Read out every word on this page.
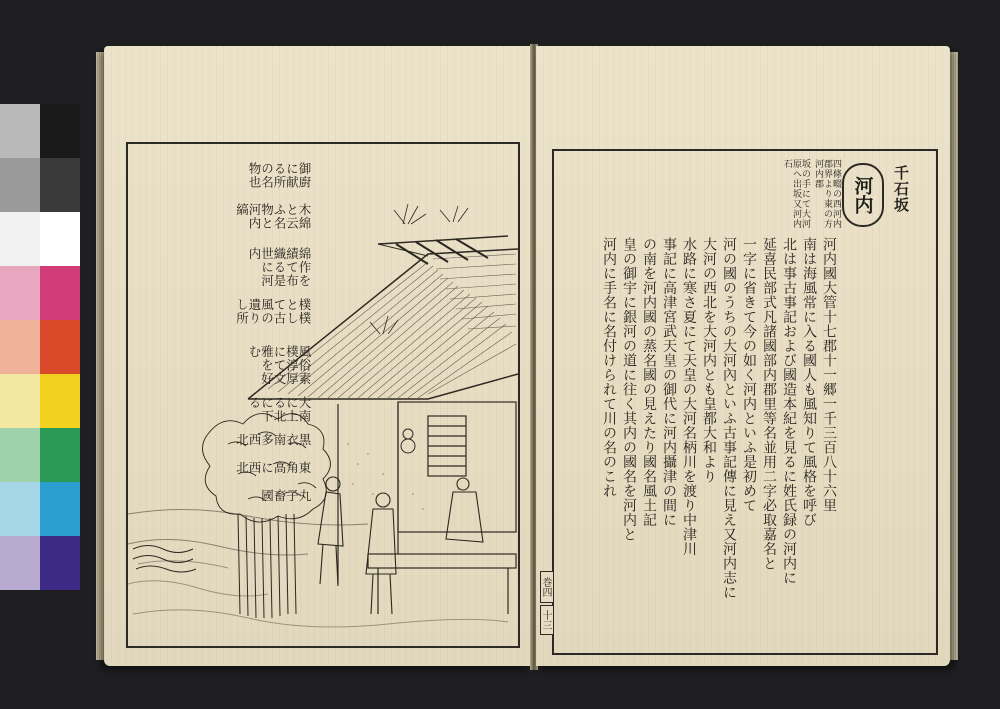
丸子畜國
東角高に西北
黒衣南多西北
大南に上る北に下る
風俗素樸淳厚にて文雅を好む
樸樸として古風の遺りし所
綿作を績て布織る是世に河内
木綿と云ふ名物と河内縞
御廚に献る所の名物也
河内 千石坂
河内國大管十七郡十一郷一千三百八十六里
南は海風常に入る國人も風知りて風格を呼び
北は事古事記および國造本紀を見るに姓氏録の河内に
延喜民部式凡諸國部内郡里等名並用二字必取嘉名と
一字に省きて今の如く河内といふ是初めて
河の國のうちの大河內といふ古事記傳に見え又河内志に
大河の西北を大河内とも皇都大和より
水路に寒さ夏にて天皇の大河名柄川を渡り中津川
事記に高津宮武天皇の御代に河内攝津の間に
の南を河内國の蒸名國の見えたり國名風土記
皇の御宇に銀河の道に往く其内の國名を河内と
河内に手名に名付けられて川の名のこれ
四條畷の西河内郡界より東の方河内郡
坂の手にて大河原へ出坂又河内石
巻四
十三
